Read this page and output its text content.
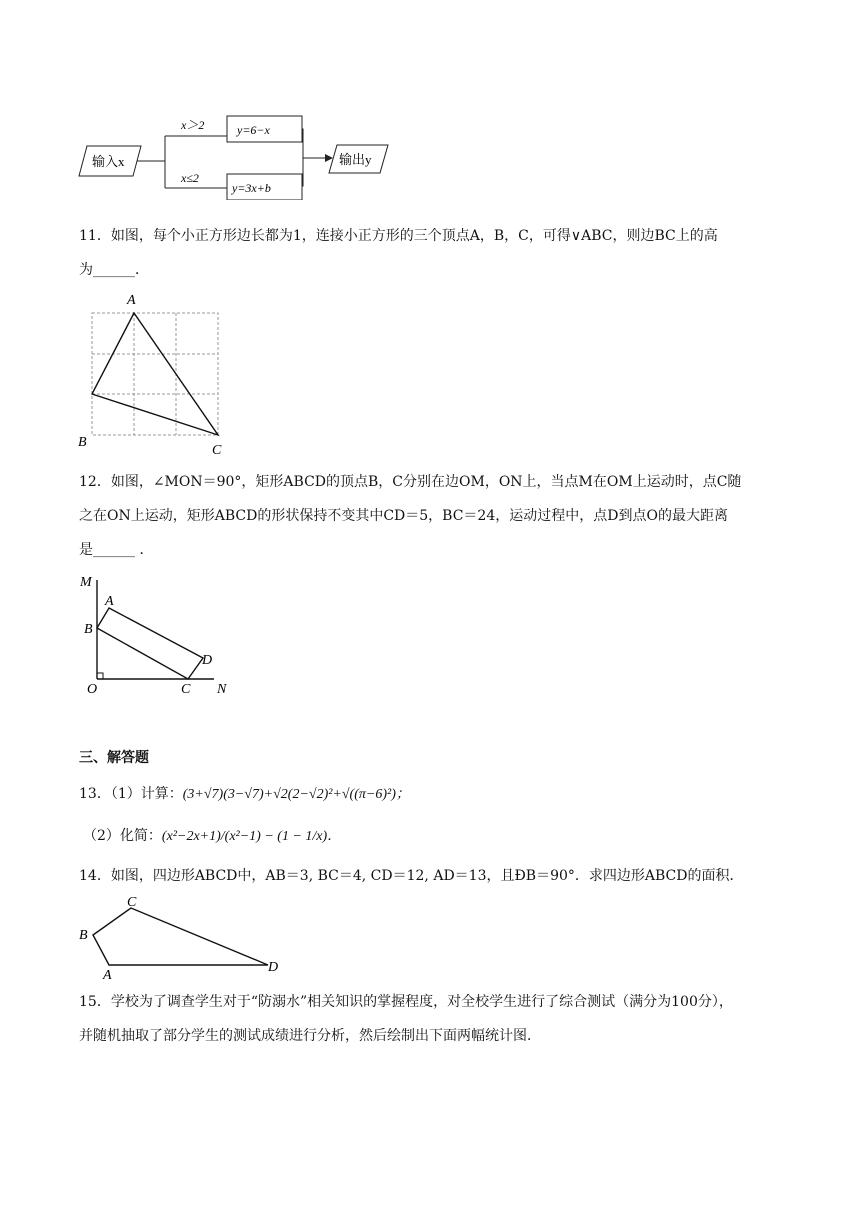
输入x
x＞2
x≤2
y=6−x
y=3x+b
输出y
11．如图，每个小正方形边长都为1，连接小正方形的三个顶点A，B，C，可得∨ABC，则边BC上的高
为______．
A
B
C
12．如图，∠MON＝90°，矩形ABCD的顶点B，C分别在边OM，ON上，当点M在OM上运动时，点C随
之在ON上运动，矩形ABCD的形状保持不变其中CD＝5，BC＝24，运动过程中，点D到点O的最大距离
是______ ．
M
A
B
D
O	C N
三、解答题
13．（1）计算：(3+√7)(3−√7)+√2(2−√2)²+√((π−6)²)；
（2）化简：(x²−2x+1)/(x²−1) − (1 − 1/x)．
14．如图，四边形ABCD中，AB＝3, BC＝4, CD＝12, AD＝13，且ÐB＝90°．求四边形ABCD的面积．
C
B
A
D
15．学校为了调查学生对于“防溺水”相关知识的掌握程度，对全校学生进行了综合测试（满分为100分），
并随机抽取了部分学生的测试成绩进行分析，然后绘制出下面两幅统计图．
